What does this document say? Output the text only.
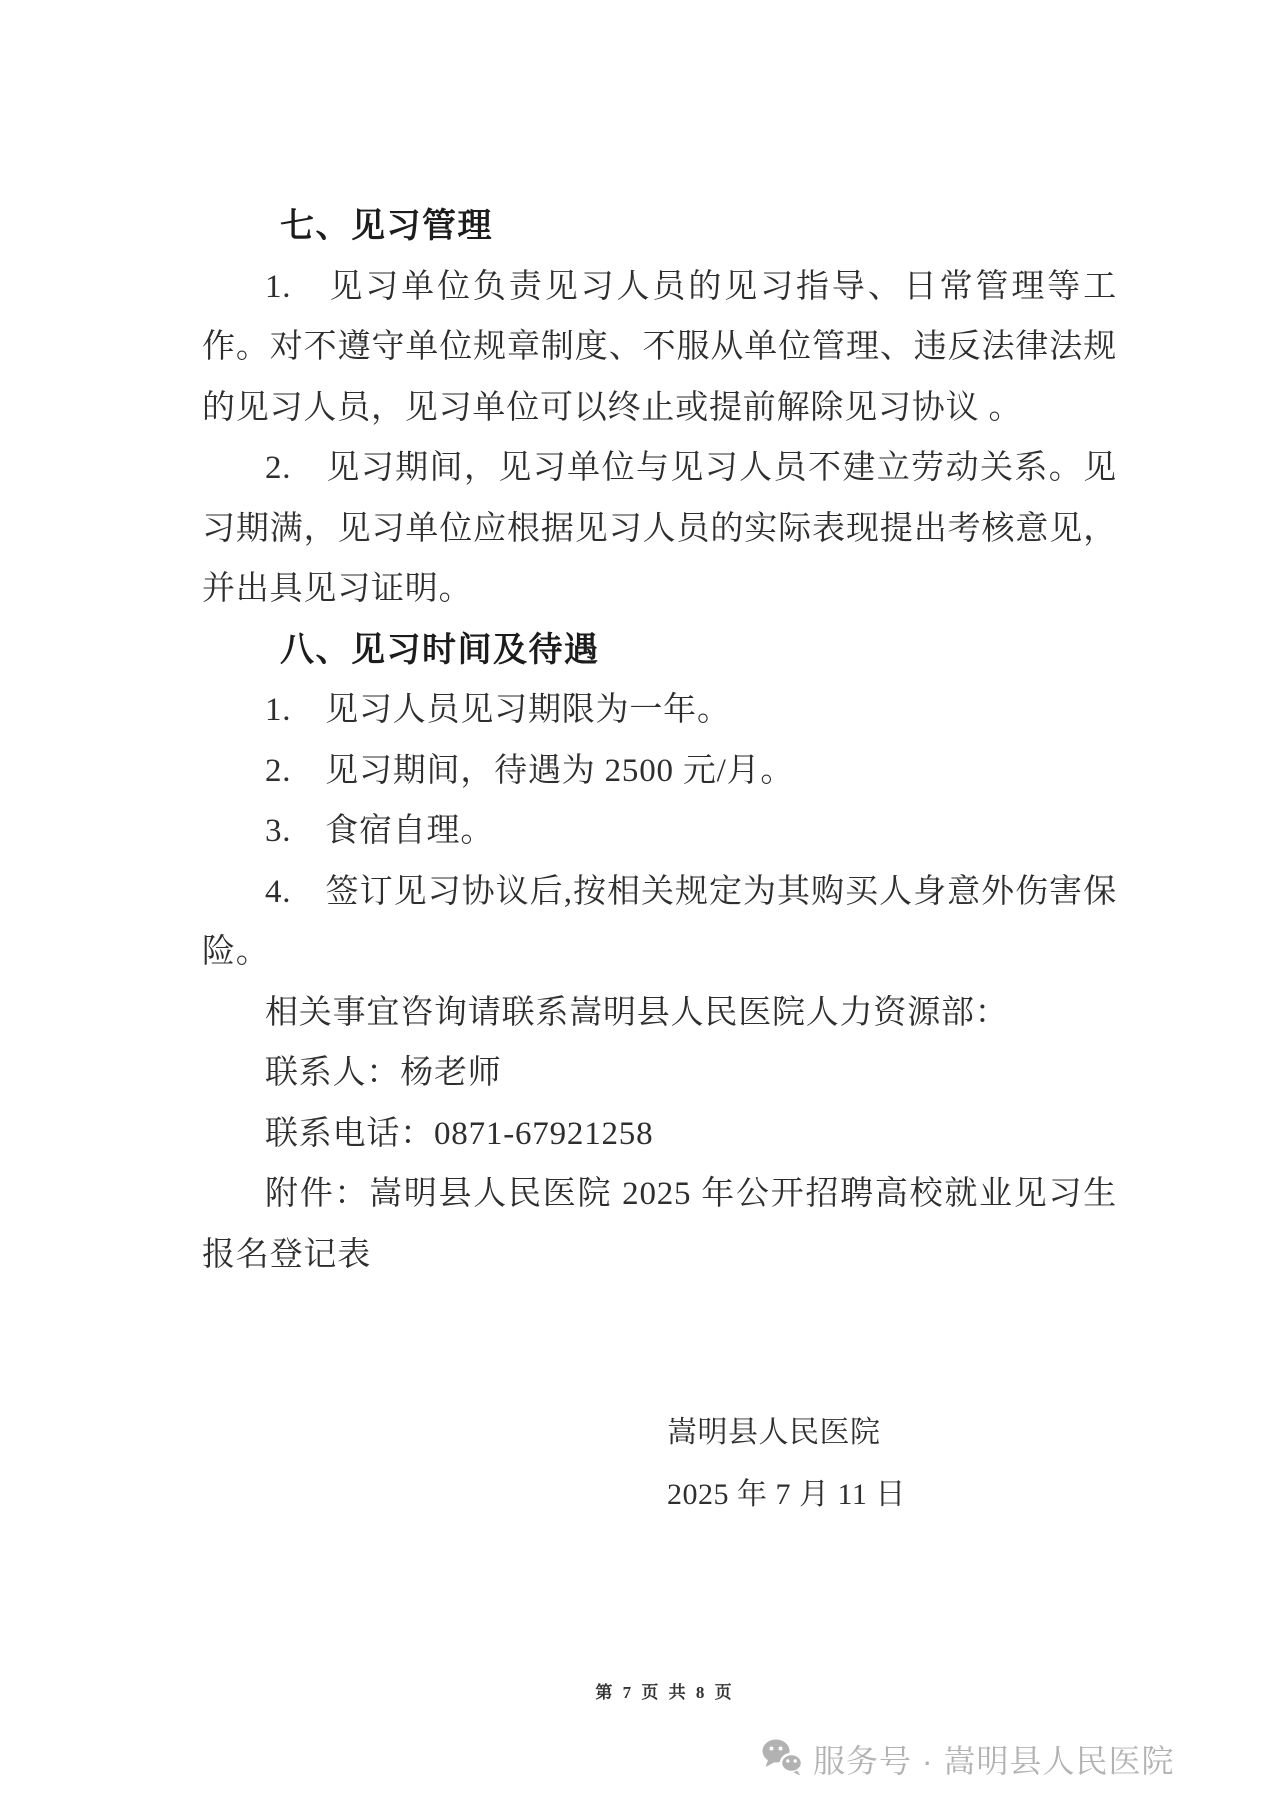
七、见习管理

1.　见习单位负责见习人员的见习指导、日常管理等工作。对不遵守单位规章制度、不服从单位管理、违反法律法规的见习人员，见习单位可以终止或提前解除见习协议 。

2.　见习期间，见习单位与见习人员不建立劳动关系。见习期满，见习单位应根据见习人员的实际表现提出考核意见，并出具见习证明。

八、见习时间及待遇

1.　见习人员见习期限为一年。

2.　见习期间，待遇为 2500 元/月。

3.　食宿自理。

4.　签订见习协议后,按相关规定为其购买人身意外伤害保险。

相关事宜咨询请联系嵩明县人民医院人力资源部：

联系人：杨老师

联系电话：0871-67921258

附件：嵩明县人民医院 2025 年公开招聘高校就业见习生报名登记表

嵩明县人民医院
2025 年 7 月 11 日
第 7 页 共 8 页
服务号 · 嵩明县人民医院
